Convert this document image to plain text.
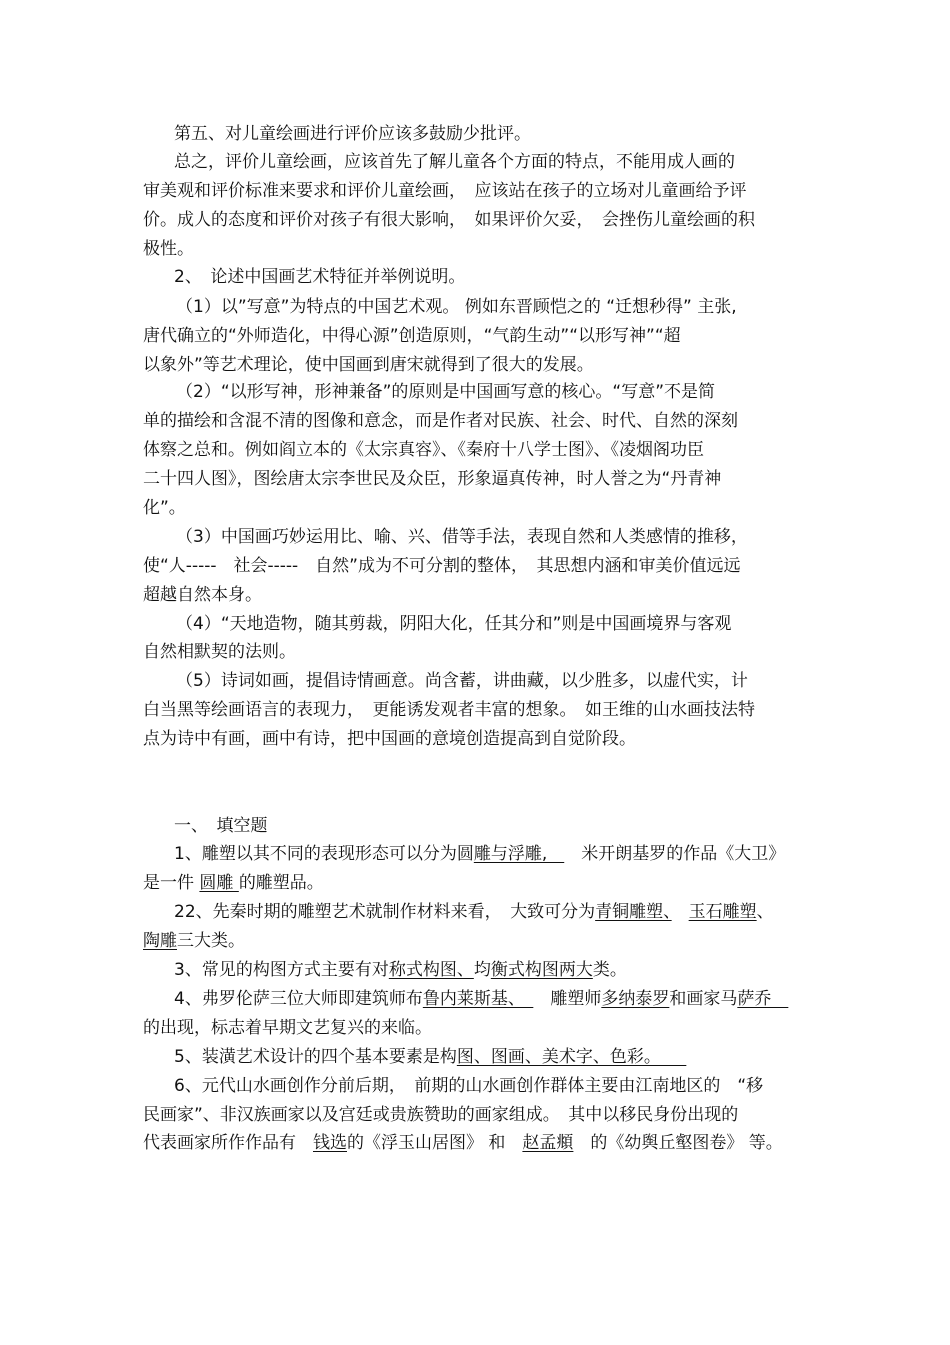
第五、对儿童绘画进行评价应该多鼓励少批评。
总之，评价儿童绘画，应该首先了解儿童各个方面的特点，不能用成人画的
审美观和评价标准来要求和评价儿童绘画，　应该站在孩子的立场对儿童画给予评
价。成人的态度和评价对孩子有很大影响，　如果评价欠妥，　会挫伤儿童绘画的积
极性。
2、　论述中国画艺术特征并举例说明。
（1）以”写意”为特点的中国艺术观。 例如东晋顾恺之的 “迁想秒得” 主张,
唐代确立的“外师造化，中得心源”创造原则，“气韵生动”“以形写神”“超
以象外”等艺术理论，使中国画到唐宋就得到了很大的发展。
（2）“以形写神，形神兼备”的原则是中国画写意的核心。“写意”不是简
单的描绘和含混不清的图像和意念，而是作者对民族、社会、时代、自然的深刻
体察之总和。例如阎立本的《太宗真容》、《秦府十八学士图》、《凌烟阁功臣
二十四人图》，图绘唐太宗李世民及众臣，形象逼真传神，时人誉之为“丹青神
化”。
（3）中国画巧妙运用比、喻、兴、借等手法，表现自然和人类感情的推移，
使“人-----　社会-----　自然”成为不可分割的整体，　其思想内涵和审美价值远远
超越自然本身。
（4）“天地造物，随其剪裁，阴阳大化，任其分和”则是中国画境界与客观
自然相默契的法则。
（5）诗词如画，提倡诗情画意。尚含蓄，讲曲藏，以少胜多，以虚代实，计
白当黑等绘画语言的表现力，　更能诱发观者丰富的想象。　如王维的山水画技法特
点为诗中有画，画中有诗，把中国画的意境创造提高到自觉阶段。
一、　填空题
1、雕塑以其不同的表现形态可以分为圆雕与浮雕,　　米开朗基罗的作品《大卫》
是一件 圆雕 的雕塑品。
22、先秦时期的雕塑艺术就制作材料来看，　大致可分为青铜雕塑、　 玉石雕塑、
陶雕三大类。
3、常见的构图方式主要有对称式构图、均衡式构图两大类。
4、弗罗伦萨三位大师即建筑师布鲁内莱斯基、　　雕塑师多纳泰罗和画家马萨乔　
的出现，标志着早期文艺复兴的来临。
5、装潢艺术设计的四个基本要素是构图、图画、美术字、色彩。　　
6、元代山水画创作分前后期，　前期的山水画创作群体主要由江南地区的　“移
民画家”、非汉族画家以及宫廷或贵族赞助的画家组成。　其中以移民身份出现的
代表画家所作作品有　钱选的《浮玉山居图》 和　赵孟頫　的《幼舆丘壑图卷》 等。
